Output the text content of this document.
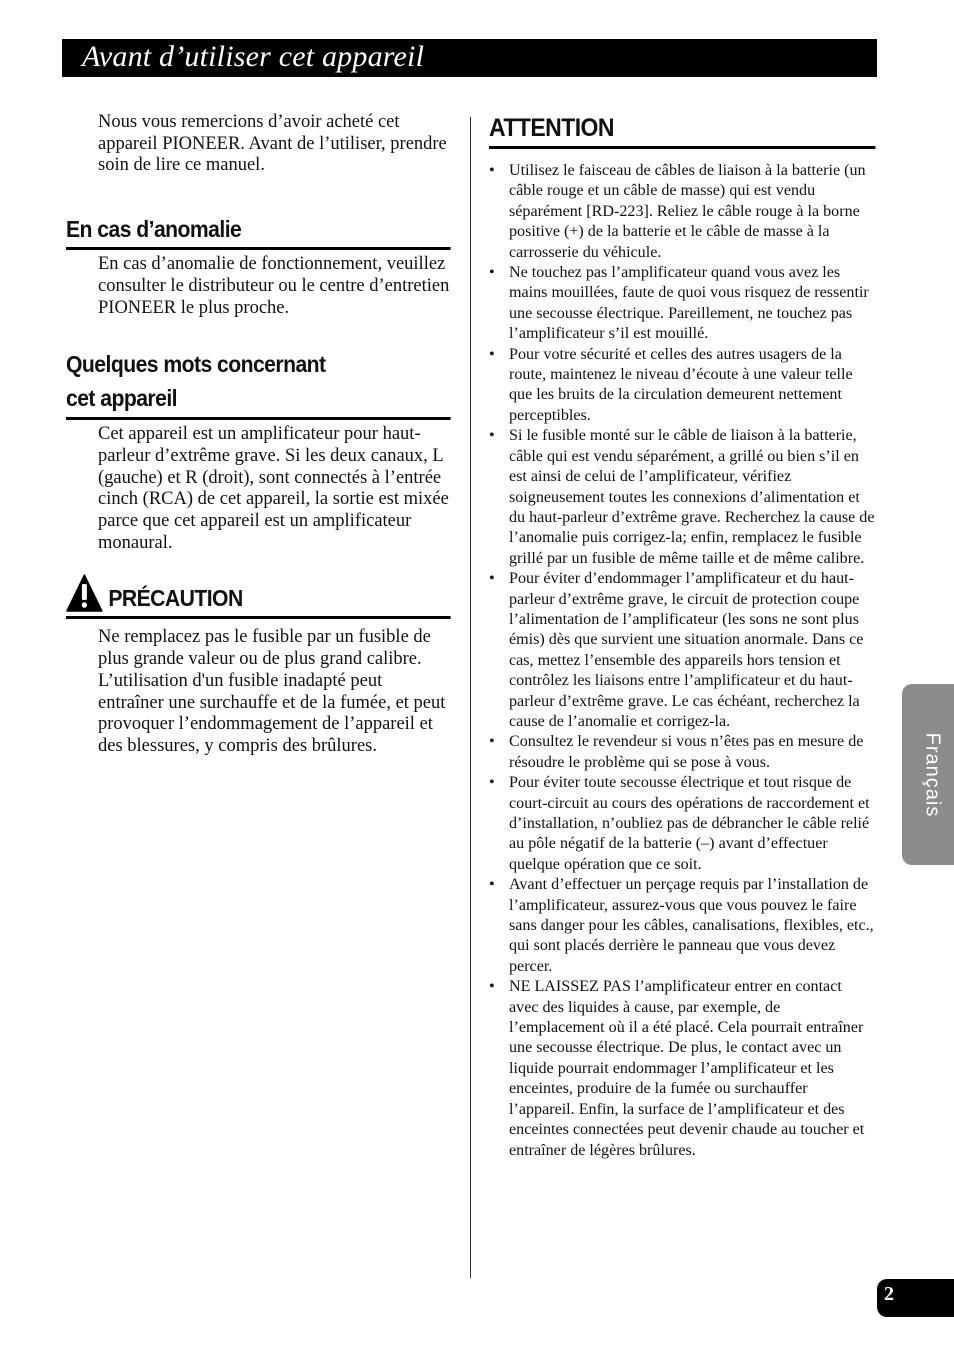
Avant d’utiliser cet appareil

Nous vous remercions d’avoir acheté cet appareil PIONEER. Avant de l’utiliser, prendre soin de lire ce manuel.

En cas d’anomalie

En cas d’anomalie de fonctionnement, veuillez consulter le distributeur ou le centre d’entretien PIONEER le plus proche.

Quelques mots concernant
cet appareil

Cet appareil est un amplificateur pour haut-parleur d’extrême grave. Si les deux canaux, L (gauche) et R (droit), sont connectés à l’entrée cinch (RCA) de cet appareil, la sortie est mixée parce que cet appareil est un amplificateur monaural.

PRÉCAUTION

Ne remplacez pas le fusible par un fusible de plus grande valeur ou de plus grand calibre. L’utilisation d'un fusible inadapté peut entraîner une surchauffe et de la fumée, et peut provoquer l’endommagement de l’appareil et des blessures, y compris des brûlures.

ATTENTION
• Utilisez le faisceau de câbles de liaison à la batterie (un câble rouge et un câble de masse) qui est vendu séparément [RD-223]. Reliez le câble rouge à la borne positive (+) de la batterie et le câble de masse à la carrosserie du véhicule.
• Ne touchez pas l’amplificateur quand vous avez les mains mouillées, faute de quoi vous risquez de ressentir une secousse électrique. Pareillement, ne touchez pas l’amplificateur s’il est mouillé.
• Pour votre sécurité et celles des autres usagers de la route, maintenez le niveau d’écoute à une valeur telle que les bruits de la circulation demeurent nettement perceptibles.
• Si le fusible monté sur le câble de liaison à la batterie, câble qui est vendu séparément, a grillé ou bien s’il en est ainsi de celui de l’amplificateur, vérifiez soigneusement toutes les connexions d’alimentation et du haut-parleur d’extrême grave. Recherchez la cause de l’anomalie puis corrigez-la; enfin, remplacez le fusible grillé par un fusible de même taille et de même calibre.
• Pour éviter d’endommager l’amplificateur et du haut-parleur d’extrême grave, le circuit de protection coupe l’alimentation de l’amplificateur (les sons ne sont plus émis) dès que survient une situation anormale. Dans ce cas, mettez l’ensemble des appareils hors tension et contrôlez les liaisons entre l’amplificateur et du haut-parleur d’extrême grave. Le cas échéant, recherchez la cause de l’anomalie et corrigez-la.
• Consultez le revendeur si vous n’êtes pas en mesure de résoudre le problème qui se pose à vous.
• Pour éviter toute secousse électrique et tout risque de court-circuit au cours des opérations de raccordement et d’installation, n’oubliez pas de débrancher le câble relié au pôle négatif de la batterie (–) avant d’effectuer quelque opération que ce soit.
• Avant d’effectuer un perçage requis par l’installation de l’amplificateur, assurez-vous que vous pouvez le faire sans danger pour les câbles, canalisations, flexibles, etc., qui sont placés derrière le panneau que vous devez percer.
• NE LAISSEZ PAS l’amplificateur entrer en contact avec des liquides à cause, par exemple, de l’emplacement où il a été placé. Cela pourrait entraîner une secousse électrique. De plus, le contact avec un liquide pourrait endommager l’amplificateur et les enceintes, produire de la fumée ou surchauffer l’appareil. Enfin, la surface de l’amplificateur et des enceintes connectées peut devenir chaude au toucher et entraîner de légères brûlures.
Français
2
